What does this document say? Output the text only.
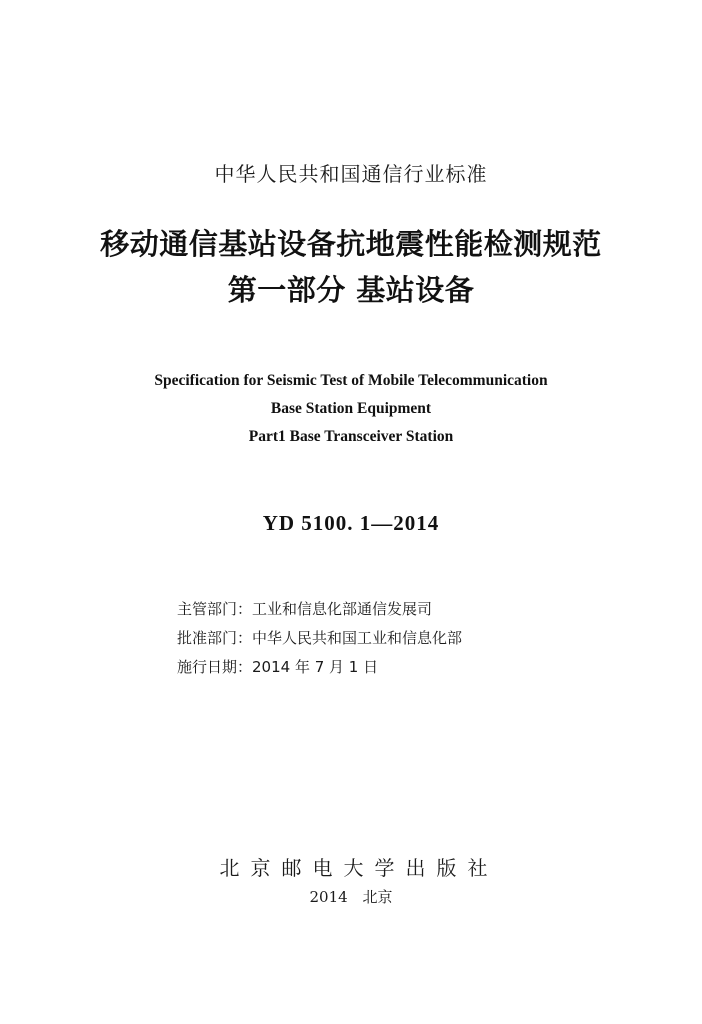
中华人民共和国通信行业标准
移动通信基站设备抗地震性能检测规范
第一部分 基站设备
Specification for Seismic Test of Mobile Telecommunication
Base Station Equipment
Part1 Base Transceiver Station
YD 5100. 1—2014
主管部门：工业和信息化部通信发展司
批准部门：中华人民共和国工业和信息化部
施行日期：2014 年 7 月 1 日
北京邮电大学出版社
2014 北京
